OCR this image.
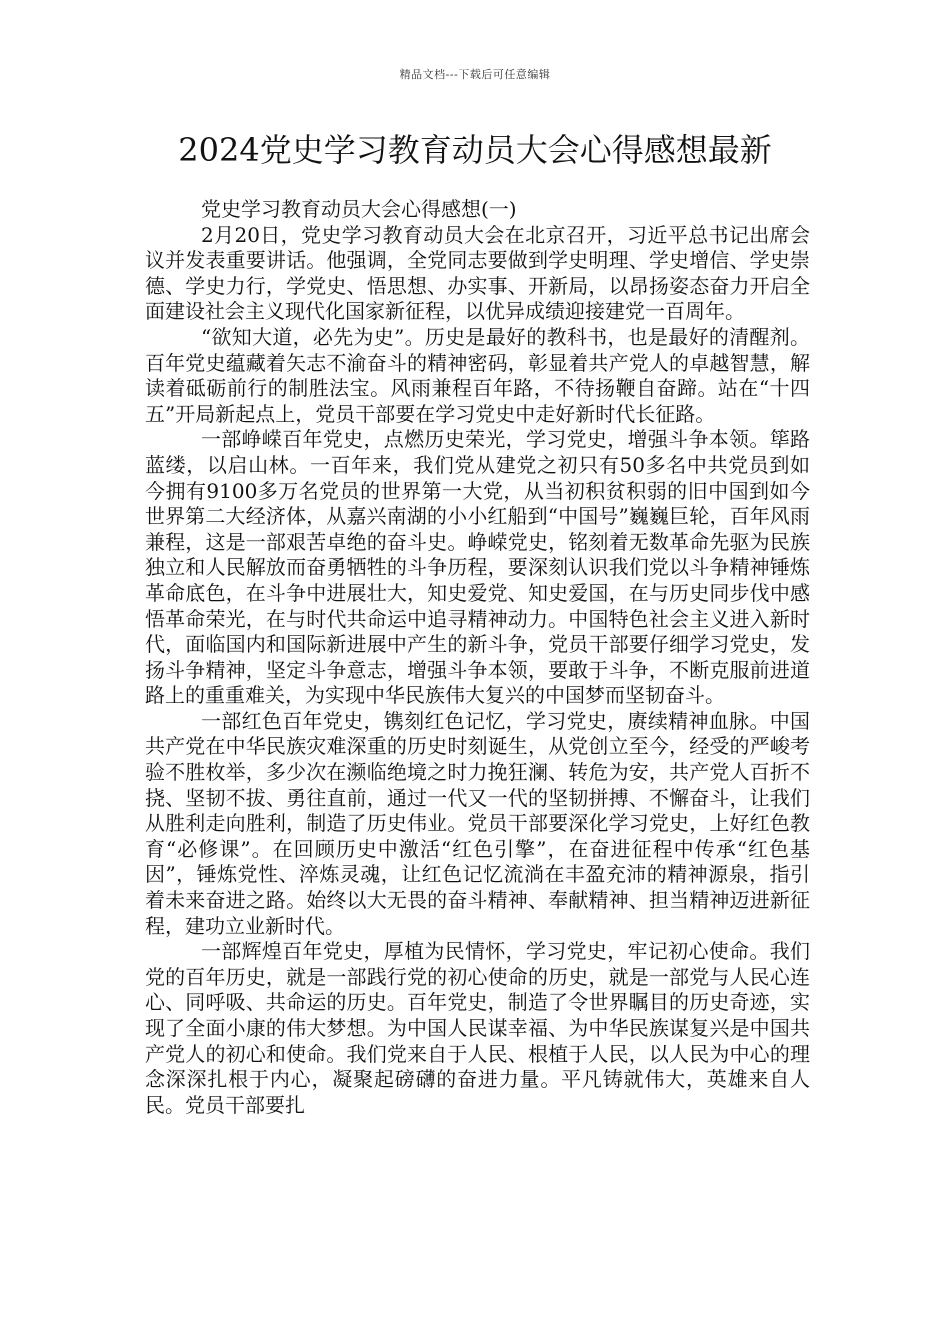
精品文档---下载后可任意编辑
2024党史学习教育动员大会心得感想最新

党史学习教育动员大会心得感想(一)

2月20日，党史学习教育动员大会在北京召开，习近平总书记出席会议并发表重要讲话。他强调，全党同志要做到学史明理、学史增信、学史崇德、学史力行，学党史、悟思想、办实事、开新局，以昂扬姿态奋力开启全面建设社会主义现代化国家新征程，以优异成绩迎接建党一百周年。

“欲知大道，必先为史”。历史是最好的教科书，也是最好的清醒剂。百年党史蕴藏着矢志不渝奋斗的精神密码，彰显着共产党人的卓越智慧，解读着砥砺前行的制胜法宝。风雨兼程百年路，不待扬鞭自奋蹄。站在“十四五”开局新起点上，党员干部要在学习党史中走好新时代长征路。

一部峥嵘百年党史，点燃历史荣光，学习党史，增强斗争本领。筚路蓝缕，以启山林。一百年来，我们党从建党之初只有50多名中共党员到如今拥有9100多万名党员的世界第一大党，从当初积贫积弱的旧中国到如今世界第二大经济体，从嘉兴南湖的小小红船到“中国号”巍巍巨轮，百年风雨兼程，这是一部艰苦卓绝的奋斗史。峥嵘党史，铭刻着无数革命先驱为民族独立和人民解放而奋勇牺牲的斗争历程，要深刻认识我们党以斗争精神锤炼革命底色，在斗争中进展壮大，知史爱党、知史爱国，在与历史同步伐中感悟革命荣光，在与时代共命运中追寻精神动力。中国特色社会主义进入新时代，面临国内和国际新进展中产生的新斗争，党员干部要仔细学习党史，发扬斗争精神，坚定斗争意志，增强斗争本领，要敢于斗争，不断克服前进道路上的重重难关，为实现中华民族伟大复兴的中国梦而坚韧奋斗。

一部红色百年党史，镌刻红色记忆，学习党史，赓续精神血脉。中国共产党在中华民族灾难深重的历史时刻诞生，从党创立至今，经受的严峻考验不胜枚举，多少次在濒临绝境之时力挽狂澜、转危为安，共产党人百折不挠、坚韧不拔、勇往直前，通过一代又一代的坚韧拼搏、不懈奋斗，让我们从胜利走向胜利，制造了历史伟业。党员干部要深化学习党史，上好红色教育“必修课”。在回顾历史中激活“红色引擎”，在奋进征程中传承“红色基因”，锤炼党性、淬炼灵魂，让红色记忆流淌在丰盈充沛的精神源泉，指引着未来奋进之路。始终以大无畏的奋斗精神、奉献精神、担当精神迈进新征程，建功立业新时代。

一部辉煌百年党史，厚植为民情怀，学习党史，牢记初心使命。我们党的百年历史，就是一部践行党的初心使命的历史，就是一部党与人民心连心、同呼吸、共命运的历史。百年党史，制造了令世界瞩目的历史奇迹，实现了全面小康的伟大梦想。为中国人民谋幸福、为中华民族谋复兴是中国共产党人的初心和使命。我们党来自于人民、根植于人民，以人民为中心的理念深深扎根于内心，凝聚起磅礴的奋进力量。平凡铸就伟大，英雄来自人民。党员干部要扎
